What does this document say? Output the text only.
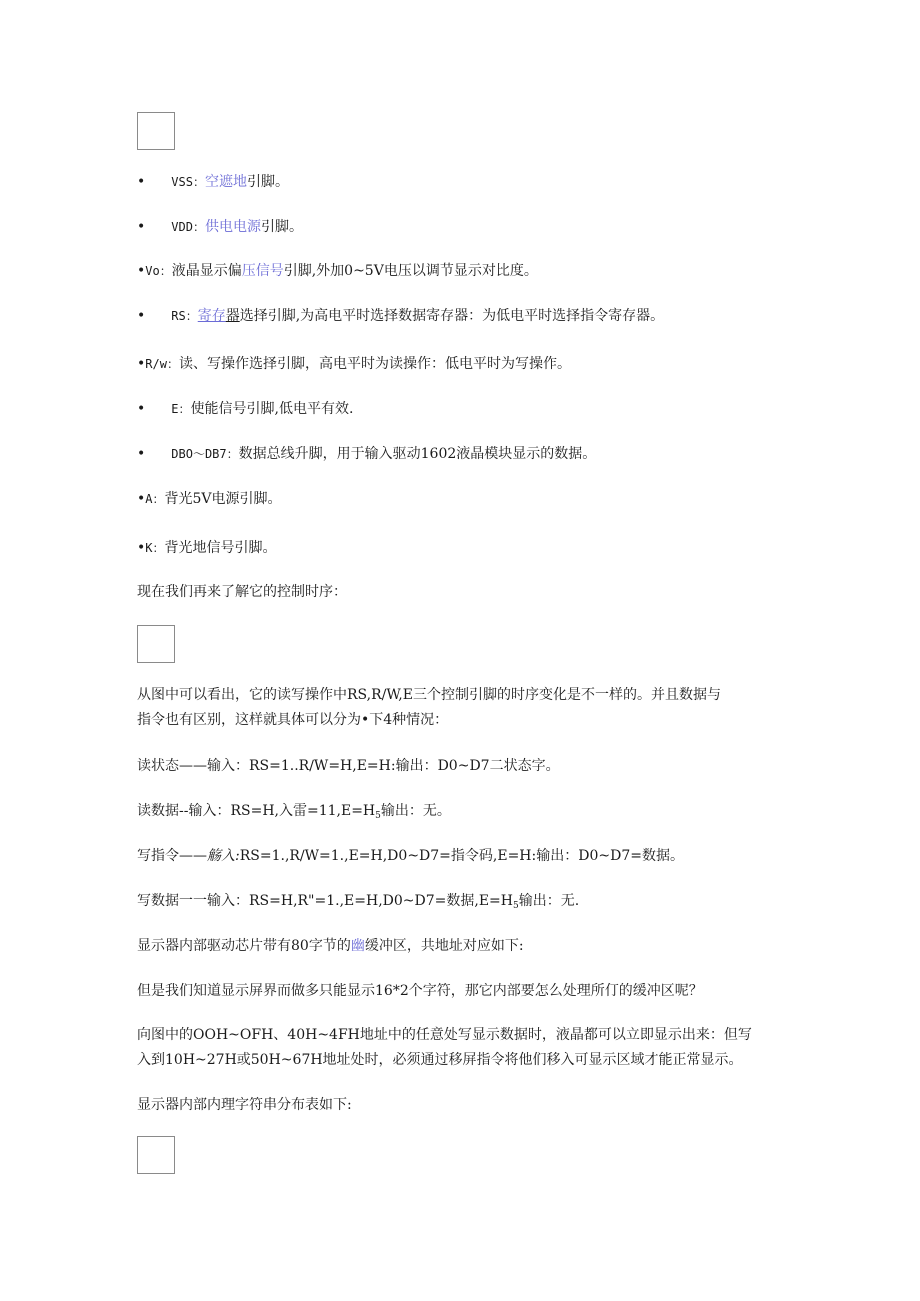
• VSS：空遮地引脚。
• VDD：供电电源引脚。
•Vo：液晶显示偏压信号引脚,外加0~5V电压以调节显示对比度。
• RS：寄存器选择引脚,为高电平时选择数据寄存器：为低电平时选择指令寄存器。
•R/w：读、写操作选择引脚，高电平时为读操作：低电平时为写操作。
• E：使能信号引脚,低电平有效.
• DBO～DB7：数据总线升脚，用于输入驱动1602液晶模块显示的数据。
•A：背光5V电源引脚。
•K：背光地信号引脚。
现在我们再来了解它的控制时序：
从图中可以看出，它的读写操作中RS,R∕W,E三个控制引脚的时序变化是不一样的。并且数据与
指令也有区别，这样就具体可以分为•下4种情况：
读状态——输入：RS=1..R∕W=H,E=H:输出：D0~D7二状态字。
读数据--输入：RS=H,入雷$=11,E=H_5$输出：无。
写指令——觞入:RS=1.,R∕W=1.,E=H,D0~D7=指令码,E=H:输出：D0~D7=数据。
写数据一一输入：RS=H,R"=1.,E=H,D0~D7=数据$,E=H_5$输出：无.
显示器内部驱动芯片带有80字节的幽缓冲区，共地址对应如下:
但是我们知道显示屏界而做多只能显示16*2个字符，那它内部要怎么处理所仃的缓冲区呢？
向图中的OOH~OFH、40H~4FH地址中的任意处写显示数据时，液晶都可以立即显示出来：但写
入到10H~27H或50H~67H地址处时，必须通过移屏指令将他们移入可显示区域才能正常显示。
显示器内部内理字符串分布表如下:
